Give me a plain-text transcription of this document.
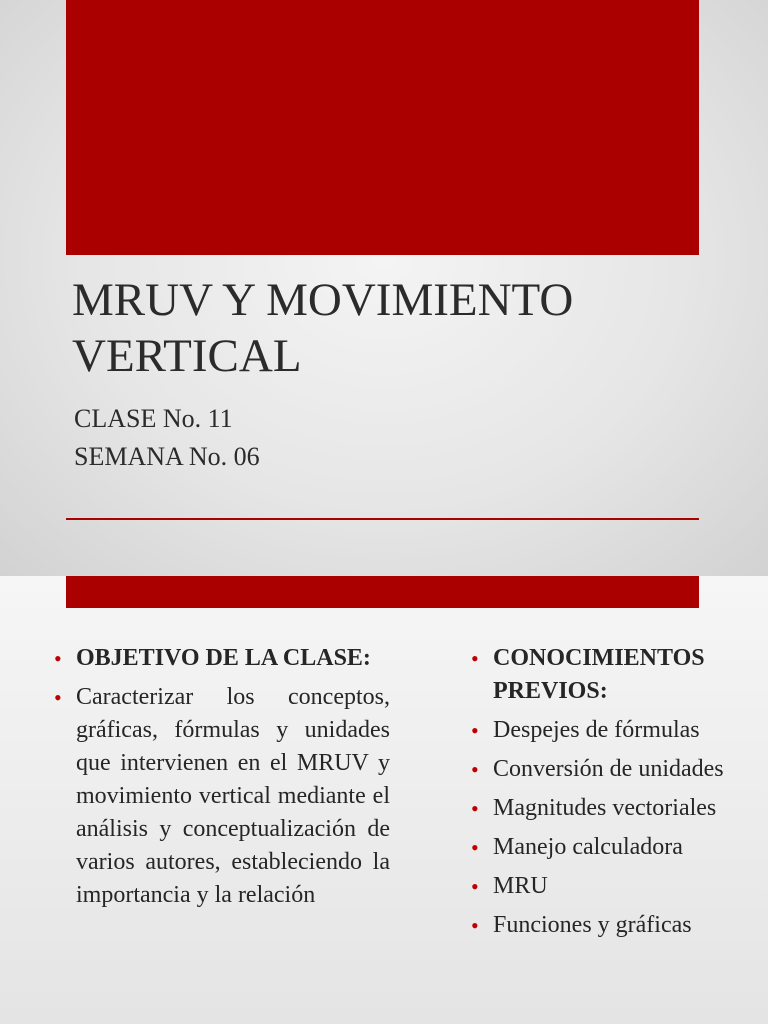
MRUV Y MOVIMIENTO
VERTICAL
CLASE No. 11
SEMANA No. 06
• OBJETIVO DE LA CLASE:
• Caracterizar los conceptos, gráficas, fórmulas y unidades que intervienen en el MRUV y movimiento vertical mediante el análisis y conceptualización de varios autores, estableciendo la importancia y la relación
• CONOCIMIENTOS PREVIOS:
• Despejes de fórmulas
• Conversión de unidades
• Magnitudes vectoriales
• Manejo calculadora
• MRU
• Funciones y gráficas
